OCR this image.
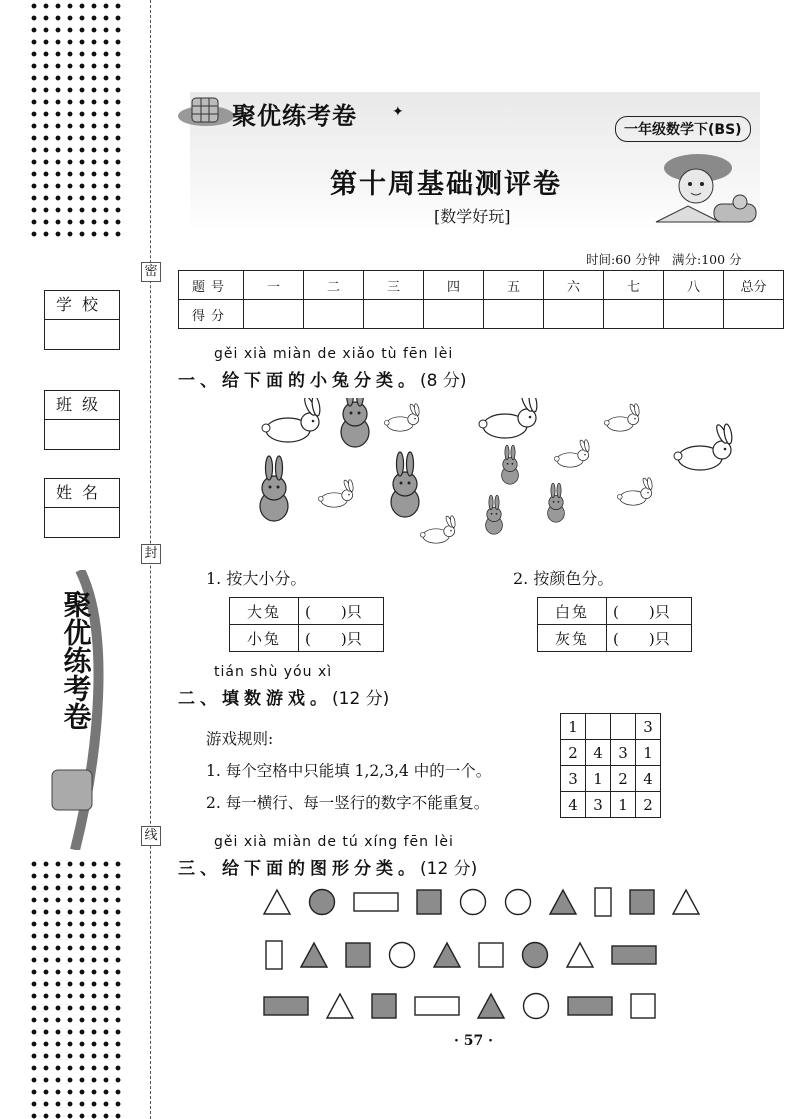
密
封
线
学校
班级
姓名
聚优练考卷
聚优练考卷	✦
一年级数学下(BS)
第十周基础测评卷
[数学好玩]
时间:60 分钟 满分:100 分
题号	一	二	三	四	五	六	七	八	总分
得分									
gěi xià miàn de xiǎo tù fēn lèi
一、给下面的小兔分类。(8 分)
1. 按大小分。	2. 按颜色分。
大兔	(　　)只
小兔	(　　)只
白兔	(　　)只
灰兔	(　　)只
tián shù yóu xì
二、填数游戏。(12 分)
游戏规则:
1. 每个空格中只能填 1,2,3,4 中的一个。
2. 每一横行、每一竖行的数字不能重复。
1			3
2	4	3	1
3	1	2	4
4	3	1	2
gěi xià miàn de tú xíng fēn lèi
三、给下面的图形分类。(12 分)
· 57 ·
